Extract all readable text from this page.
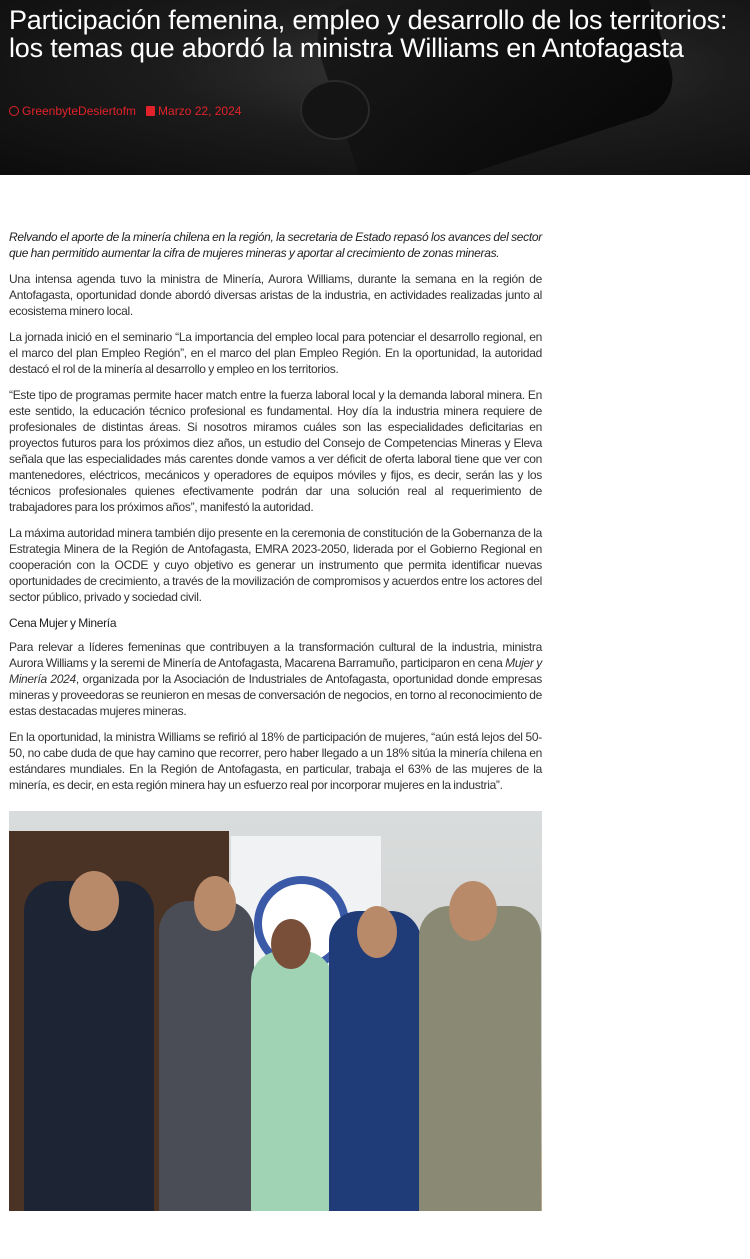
Participación femenina, empleo y desarrollo de los territorios: los temas que abordó la ministra Williams en Antofagasta
GreenbyteDesiertofm Marzo 22, 2024

Relvando el aporte de la minería chilena en la región, la secretaria de Estado repasó los avances del sector que han permitido aumentar la cifra de mujeres mineras y aportar al crecimiento de zonas mineras.

Una intensa agenda tuvo la ministra de Minería, Aurora Williams, durante la semana en la región de Antofagasta, oportunidad donde abordó diversas aristas de la industria, en actividades realizadas junto al ecosistema minero local.

La jornada inició en el seminario “La importancia del empleo local para potenciar el desarrollo regional, en el marco del plan Empleo Región”, en el marco del plan Empleo Región. En la oportunidad, la autoridad destacó el rol de la minería al desarrollo y empleo en los territorios.

“Este tipo de programas permite hacer match entre la fuerza laboral local y la demanda laboral minera. En este sentido, la educación técnico profesional es fundamental. Hoy día la industria minera requiere de profesionales de distintas áreas. Si nosotros miramos cuáles son las especialidades deficitarias en proyectos futuros para los próximos diez años, un estudio del Consejo de Competencias Mineras y Eleva señala que las especialidades más carentes donde vamos a ver déficit de oferta laboral tiene que ver con mantenedores, eléctricos, mecánicos y operadores de equipos móviles y fijos, es decir, serán las y los técnicos profesionales quienes efectivamente podrán dar una solución real al requerimiento de trabajadores para los próximos años”, manifestó la autoridad.

La máxima autoridad minera también dijo presente en la ceremonia de constitución de la Gobernanza de la Estrategia Minera de la Región de Antofagasta, EMRA 2023-2050, liderada por el Gobierno Regional en cooperación con la OCDE y cuyo objetivo es generar un instrumento que permita identificar nuevas oportunidades de crecimiento, a través de la movilización de compromisos y acuerdos entre los actores del sector público, privado y sociedad civil.

Cena Mujer y Minería

Para relevar a líderes femeninas que contribuyen a la transformación cultural de la industria, ministra Aurora Williams y la seremi de Minería de Antofagasta, Macarena Barramuño, participaron en cena Mujer y Minería 2024, organizada por la Asociación de Industriales de Antofagasta, oportunidad donde empresas mineras y proveedoras se reunieron en mesas de conversación de negocios, en torno al reconocimiento de estas destacadas mujeres mineras.

En la oportunidad, la ministra Williams se refirió al 18% de participación de mujeres, “aún está lejos del 50-50, no cabe duda de que hay camino que recorrer, pero haber llegado a un 18% sitúa la minería chilena en estándares mundiales. En la Región de Antofagasta, en particular, trabaja el 63% de las mujeres de la minería, es decir, en esta región minera hay un esfuerzo real por incorporar mujeres en la industria”.
